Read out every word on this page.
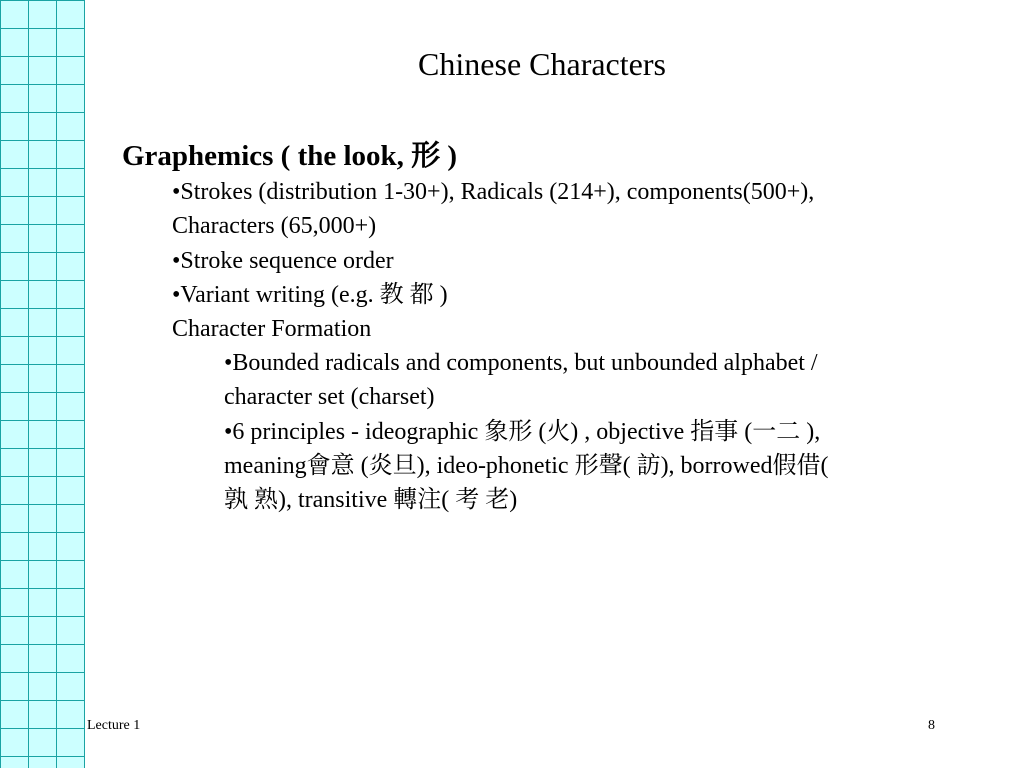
Chinese Characters
Graphemics ( the look, 形 )
•Strokes (distribution 1-30+), Radicals (214+), components(500+),
Characters (65,000+)
•Stroke sequence order
•Variant writing (e.g. 教 都 )
Character Formation
•Bounded radicals and components, but unbounded alphabet /
character set (charset)
•6 principles - ideographic 象形 (火) , objective 指事 (一二 ),
meaning會意 (炎旦), ideo-phonetic 形聲( 訪), borrowed假借(
孰 熟), transitive 轉注( 考 老)
Lecture 1	8
